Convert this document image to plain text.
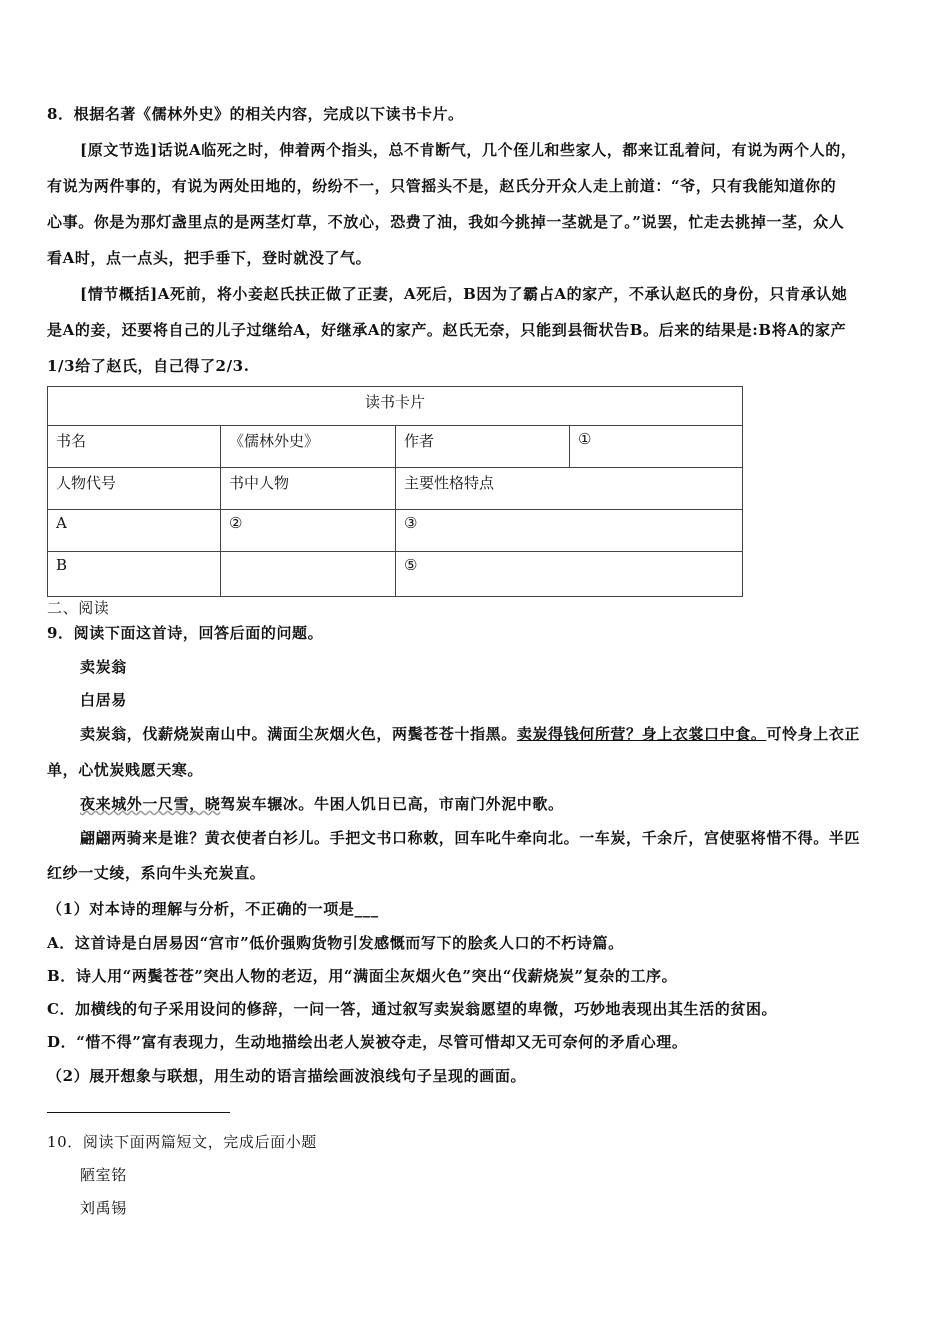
8．根据名著《儒林外史》的相关内容，完成以下读书卡片。
[原文节选]话说A临死之时，伸着两个指头，总不肯断气，几个侄儿和些家人，都来讧乱着问，有说为两个人的，
有说为两件事的，有说为两处田地的，纷纷不一，只管摇头不是，赵氏分开众人走上前道：“爷，只有我能知道你的
心事。你是为那灯盏里点的是两茎灯草，不放心，恐费了油，我如今挑掉一茎就是了。”说罢，忙走去挑掉一茎，众人
看A时，点一点头，把手垂下，登时就没了气。
[情节概括]A死前，将小妾赵氏扶正做了正妻，A死后，B因为了霸占A的家产，不承认赵氏的身份，只肯承认她
是A的妾，还要将自己的儿子过继给A，好继承A的家产。赵氏无奈，只能到县衙状告B。后来的结果是:B将A的家产
1/3给了赵氏，自己得了2/3.
读书卡片			
书名	《儒林外史》	作者	①
人物代号	书中人物	主要性格特点	
A	②	③	
B		⑤	
二、阅读
9．阅读下面这首诗，回答后面的问题。
卖炭翁
白居易
卖炭翁，伐薪烧炭南山中。满面尘灰烟火色，两鬓苍苍十指黑。卖炭得钱何所营？身上衣裳口中食。可怜身上衣正
单，心忧炭贱愿天寒。
夜来城外一尺雪，晓驾炭车辗冰。牛困人饥日已高，市南门外泥中歌。
翩翩两骑来是谁？黄衣使者白衫儿。手把文书口称敕，回车叱牛牵向北。一车炭，千余斤，宫使驱将惜不得。半匹
红纱一丈绫，系向牛头充炭直。
（1）对本诗的理解与分析，不正确的一项是___
A．这首诗是白居易因“宫市”低价强购货物引发感慨而写下的脍炙人口的不朽诗篇。
B．诗人用“两鬓苍苍”突出人物的老迈，用“满面尘灰烟火色”突出“伐薪烧炭”复杂的工序。
C．加横线的句子采用设问的修辞，一问一答，通过叙写卖炭翁愿望的卑微，巧妙地表现出其生活的贫困。
D．“惜不得”富有表现力，生动地描绘出老人炭被夺走，尽管可惜却又无可奈何的矛盾心理。
（2）展开想象与联想，用生动的语言描绘画波浪线句子呈现的画面。
10．阅读下面两篇短文，完成后面小题
陋室铭
刘禹锡
